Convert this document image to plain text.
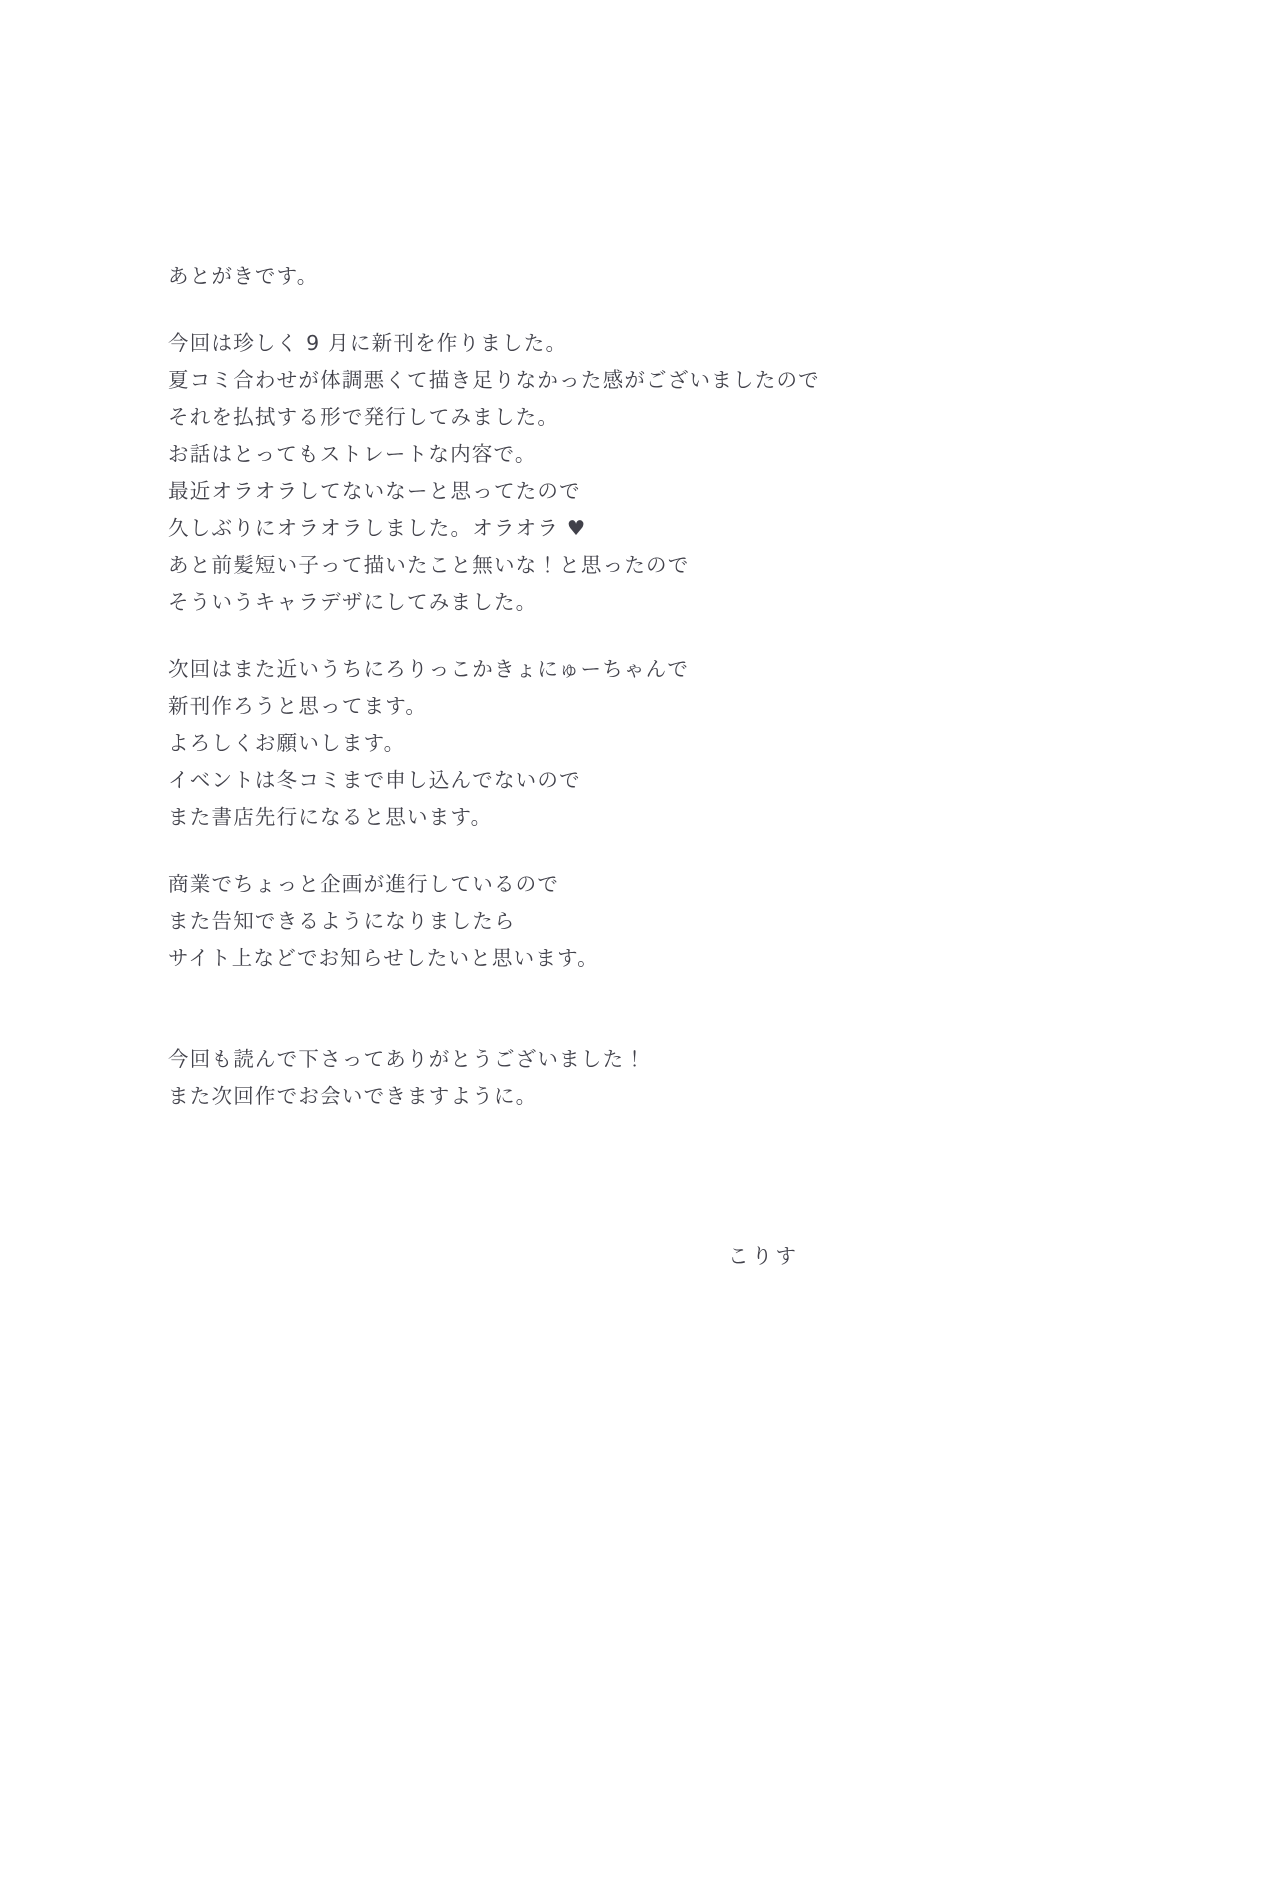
あとがきです。
今回は珍しく 9 月に新刊を作りました。
夏コミ合わせが体調悪くて描き足りなかった感がございましたので
それを払拭する形で発行してみました。
お話はとってもストレートな内容で。
最近オラオラしてないなーと思ってたので
久しぶりにオラオラしました。オラオラ ♥
あと前髪短い子って描いたこと無いな！と思ったので
そういうキャラデザにしてみました。
次回はまた近いうちにろりっこかきょにゅーちゃんで
新刊作ろうと思ってます。
よろしくお願いします。
イベントは冬コミまで申し込んでないので
また書店先行になると思います。
商業でちょっと企画が進行しているので
また告知できるようになりましたら
サイト上などでお知らせしたいと思います。
今回も読んで下さってありがとうございました！
また次回作でお会いできますように。
こりす
